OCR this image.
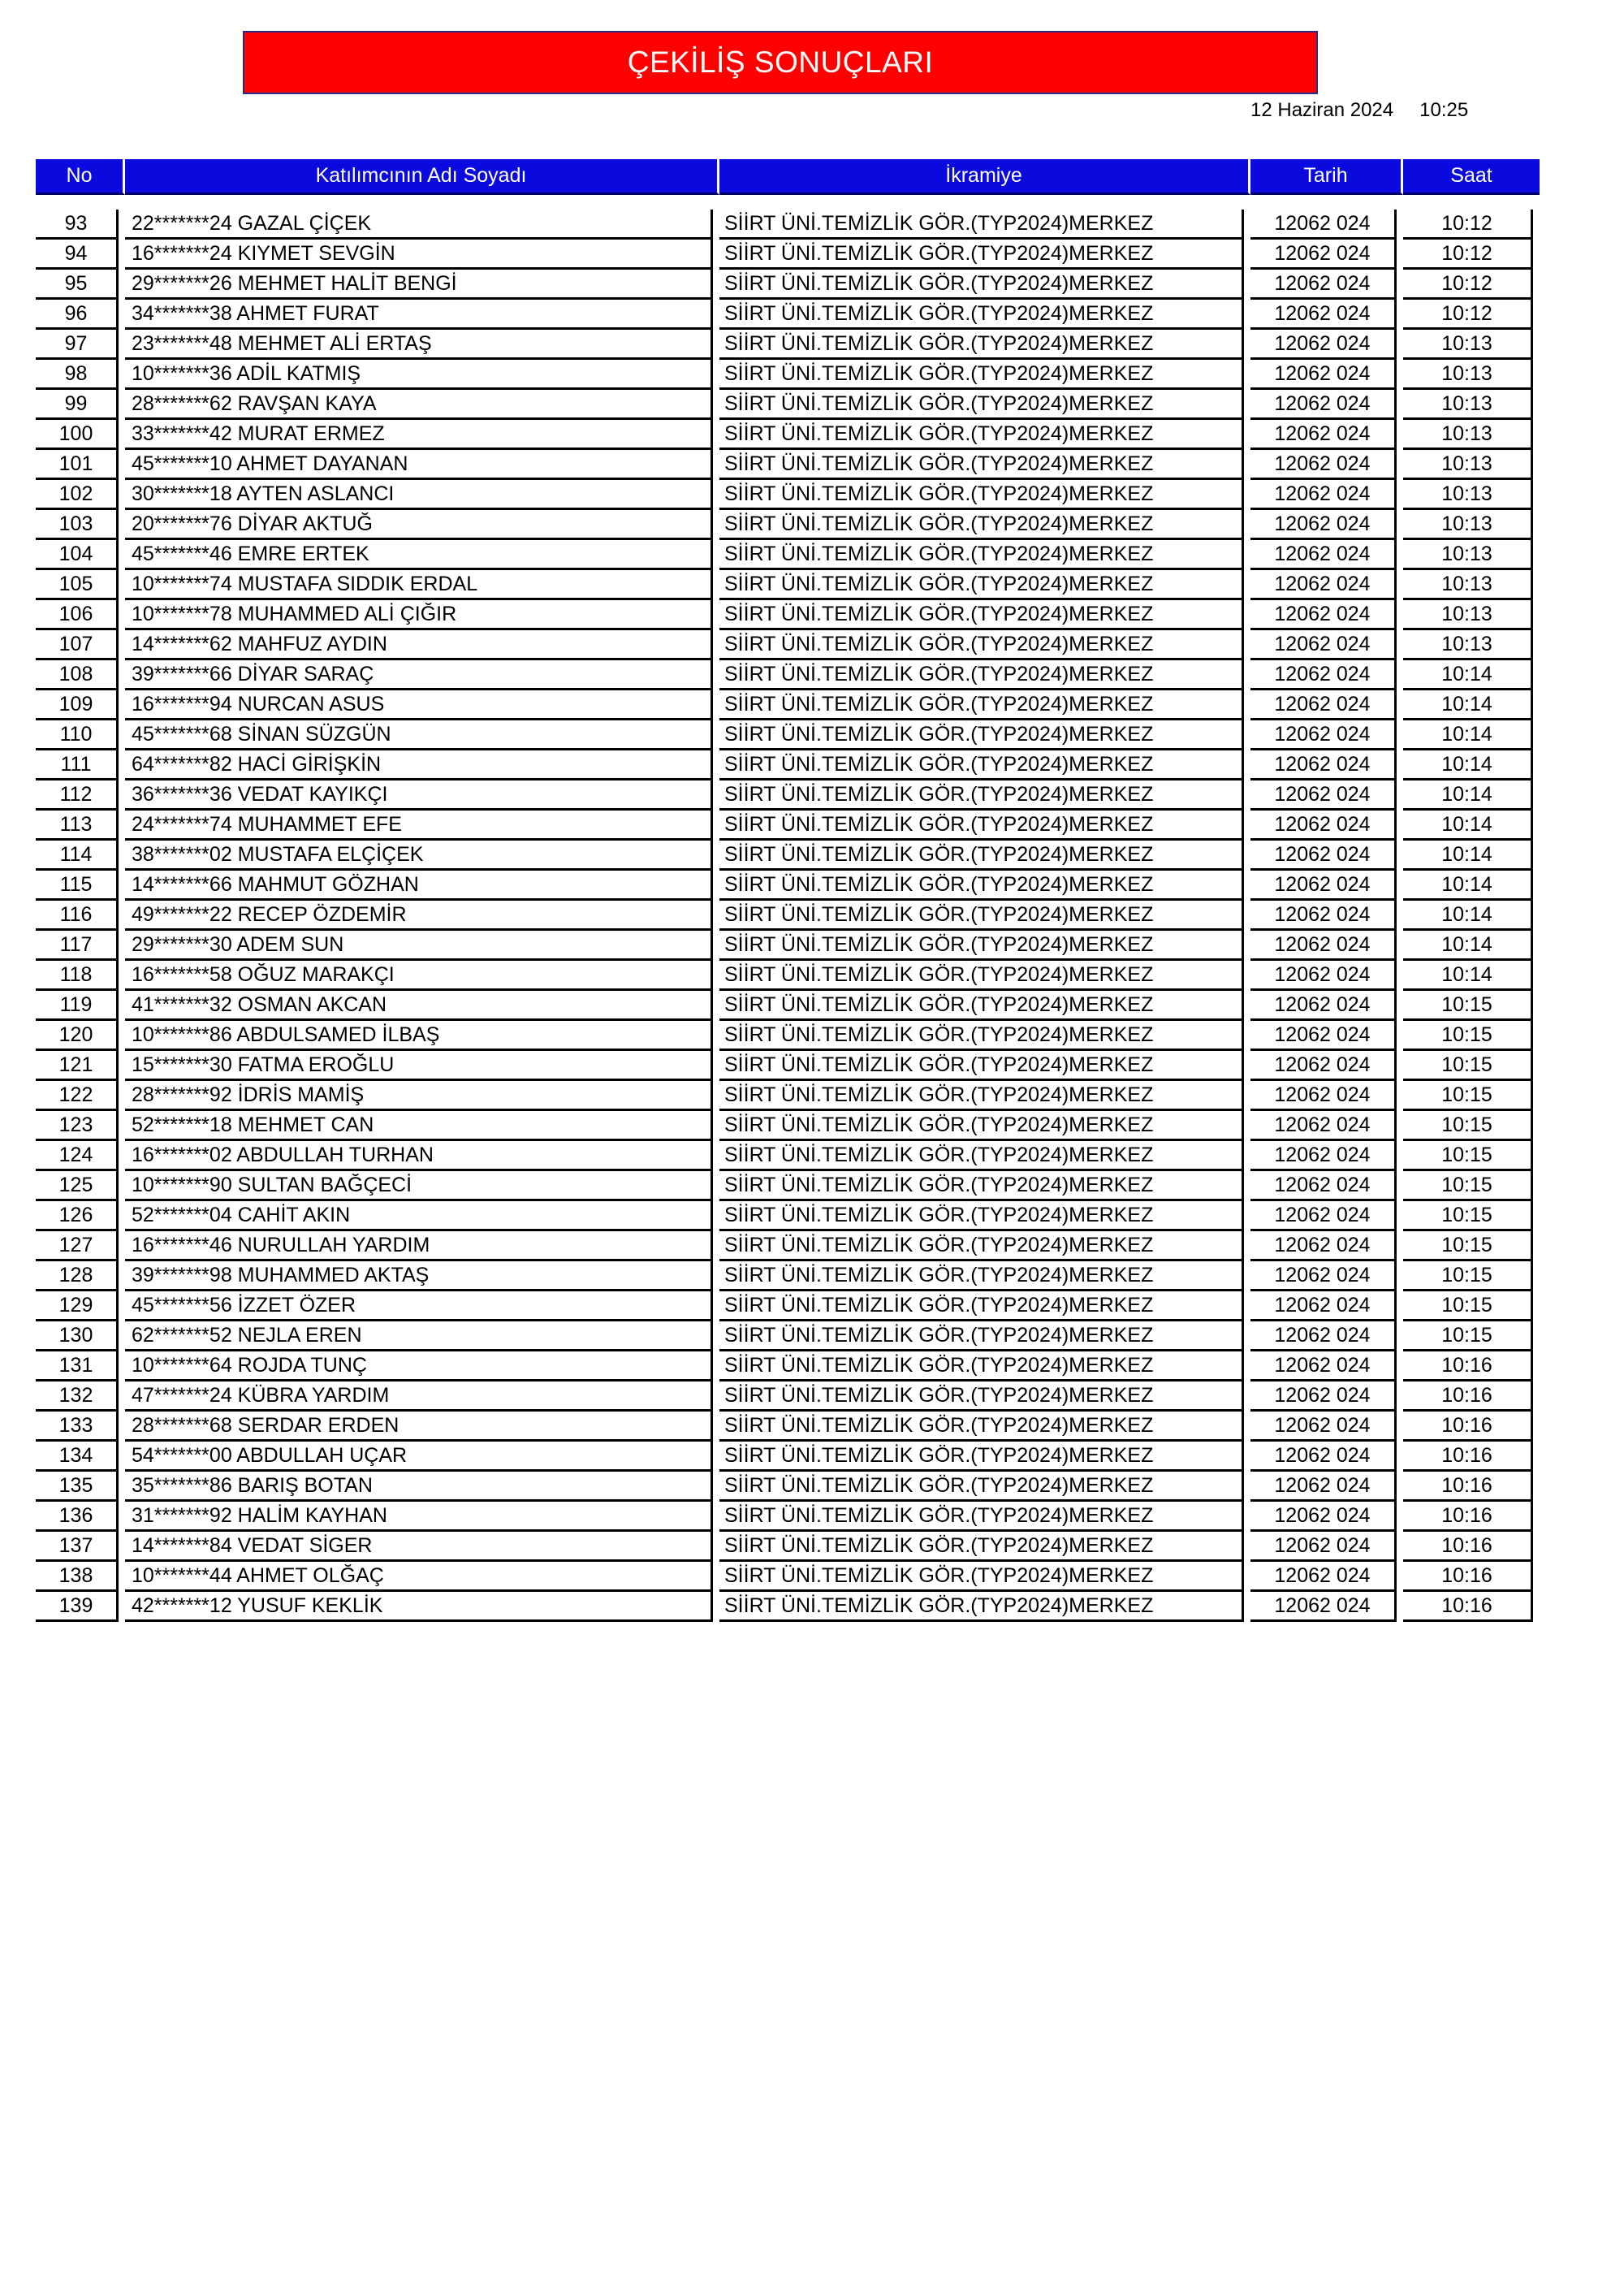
ÇEKİLİŞ SONUÇLARI
12 Haziran 2024 10:25
No	Katılımcının Adı Soyadı	İkramiye	Tarih	Saat
93	22*******24 GAZAL ÇİÇEK	SİİRT ÜNİ.TEMİZLİK GÖR.(TYP2024)MERKEZ	12062 024	10:12
94	16*******24 KIYMET SEVGİN	SİİRT ÜNİ.TEMİZLİK GÖR.(TYP2024)MERKEZ	12062 024	10:12
95	29*******26 MEHMET HALİT BENGİ	SİİRT ÜNİ.TEMİZLİK GÖR.(TYP2024)MERKEZ	12062 024	10:12
96	34*******38 AHMET FURAT	SİİRT ÜNİ.TEMİZLİK GÖR.(TYP2024)MERKEZ	12062 024	10:12
97	23*******48 MEHMET ALİ ERTAŞ	SİİRT ÜNİ.TEMİZLİK GÖR.(TYP2024)MERKEZ	12062 024	10:13
98	10*******36 ADİL KATMIŞ	SİİRT ÜNİ.TEMİZLİK GÖR.(TYP2024)MERKEZ	12062 024	10:13
99	28*******62 RAVŞAN KAYA	SİİRT ÜNİ.TEMİZLİK GÖR.(TYP2024)MERKEZ	12062 024	10:13
100	33*******42 MURAT ERMEZ	SİİRT ÜNİ.TEMİZLİK GÖR.(TYP2024)MERKEZ	12062 024	10:13
101	45*******10 AHMET DAYANAN	SİİRT ÜNİ.TEMİZLİK GÖR.(TYP2024)MERKEZ	12062 024	10:13
102	30*******18 AYTEN ASLANCI	SİİRT ÜNİ.TEMİZLİK GÖR.(TYP2024)MERKEZ	12062 024	10:13
103	20*******76 DİYAR AKTUĞ	SİİRT ÜNİ.TEMİZLİK GÖR.(TYP2024)MERKEZ	12062 024	10:13
104	45*******46 EMRE ERTEK	SİİRT ÜNİ.TEMİZLİK GÖR.(TYP2024)MERKEZ	12062 024	10:13
105	10*******74 MUSTAFA SIDDIK ERDAL	SİİRT ÜNİ.TEMİZLİK GÖR.(TYP2024)MERKEZ	12062 024	10:13
106	10*******78 MUHAMMED ALİ ÇIĞIR	SİİRT ÜNİ.TEMİZLİK GÖR.(TYP2024)MERKEZ	12062 024	10:13
107	14*******62 MAHFUZ AYDIN	SİİRT ÜNİ.TEMİZLİK GÖR.(TYP2024)MERKEZ	12062 024	10:13
108	39*******66 DİYAR SARAÇ	SİİRT ÜNİ.TEMİZLİK GÖR.(TYP2024)MERKEZ	12062 024	10:14
109	16*******94 NURCAN ASUS	SİİRT ÜNİ.TEMİZLİK GÖR.(TYP2024)MERKEZ	12062 024	10:14
110	45*******68 SİNAN SÜZGÜN	SİİRT ÜNİ.TEMİZLİK GÖR.(TYP2024)MERKEZ	12062 024	10:14
111	64*******82 HACİ GİRİŞKİN	SİİRT ÜNİ.TEMİZLİK GÖR.(TYP2024)MERKEZ	12062 024	10:14
112	36*******36 VEDAT KAYIKÇI	SİİRT ÜNİ.TEMİZLİK GÖR.(TYP2024)MERKEZ	12062 024	10:14
113	24*******74 MUHAMMET EFE	SİİRT ÜNİ.TEMİZLİK GÖR.(TYP2024)MERKEZ	12062 024	10:14
114	38*******02 MUSTAFA ELÇİÇEK	SİİRT ÜNİ.TEMİZLİK GÖR.(TYP2024)MERKEZ	12062 024	10:14
115	14*******66 MAHMUT GÖZHAN	SİİRT ÜNİ.TEMİZLİK GÖR.(TYP2024)MERKEZ	12062 024	10:14
116	49*******22 RECEP ÖZDEMİR	SİİRT ÜNİ.TEMİZLİK GÖR.(TYP2024)MERKEZ	12062 024	10:14
117	29*******30 ADEM SUN	SİİRT ÜNİ.TEMİZLİK GÖR.(TYP2024)MERKEZ	12062 024	10:14
118	16*******58 OĞUZ MARAKÇI	SİİRT ÜNİ.TEMİZLİK GÖR.(TYP2024)MERKEZ	12062 024	10:14
119	41*******32 OSMAN AKCAN	SİİRT ÜNİ.TEMİZLİK GÖR.(TYP2024)MERKEZ	12062 024	10:15
120	10*******86 ABDULSAMED İLBAŞ	SİİRT ÜNİ.TEMİZLİK GÖR.(TYP2024)MERKEZ	12062 024	10:15
121	15*******30 FATMA EROĞLU	SİİRT ÜNİ.TEMİZLİK GÖR.(TYP2024)MERKEZ	12062 024	10:15
122	28*******92 İDRİS MAMİŞ	SİİRT ÜNİ.TEMİZLİK GÖR.(TYP2024)MERKEZ	12062 024	10:15
123	52*******18 MEHMET CAN	SİİRT ÜNİ.TEMİZLİK GÖR.(TYP2024)MERKEZ	12062 024	10:15
124	16*******02 ABDULLAH TURHAN	SİİRT ÜNİ.TEMİZLİK GÖR.(TYP2024)MERKEZ	12062 024	10:15
125	10*******90 SULTAN BAĞÇECİ	SİİRT ÜNİ.TEMİZLİK GÖR.(TYP2024)MERKEZ	12062 024	10:15
126	52*******04 CAHİT AKIN	SİİRT ÜNİ.TEMİZLİK GÖR.(TYP2024)MERKEZ	12062 024	10:15
127	16*******46 NURULLAH YARDIM	SİİRT ÜNİ.TEMİZLİK GÖR.(TYP2024)MERKEZ	12062 024	10:15
128	39*******98 MUHAMMED AKTAŞ	SİİRT ÜNİ.TEMİZLİK GÖR.(TYP2024)MERKEZ	12062 024	10:15
129	45*******56 İZZET ÖZER	SİİRT ÜNİ.TEMİZLİK GÖR.(TYP2024)MERKEZ	12062 024	10:15
130	62*******52 NEJLA EREN	SİİRT ÜNİ.TEMİZLİK GÖR.(TYP2024)MERKEZ	12062 024	10:15
131	10*******64 ROJDA TUNÇ	SİİRT ÜNİ.TEMİZLİK GÖR.(TYP2024)MERKEZ	12062 024	10:16
132	47*******24 KÜBRA YARDIM	SİİRT ÜNİ.TEMİZLİK GÖR.(TYP2024)MERKEZ	12062 024	10:16
133	28*******68 SERDAR ERDEN	SİİRT ÜNİ.TEMİZLİK GÖR.(TYP2024)MERKEZ	12062 024	10:16
134	54*******00 ABDULLAH UÇAR	SİİRT ÜNİ.TEMİZLİK GÖR.(TYP2024)MERKEZ	12062 024	10:16
135	35*******86 BARIŞ BOTAN	SİİRT ÜNİ.TEMİZLİK GÖR.(TYP2024)MERKEZ	12062 024	10:16
136	31*******92 HALİM KAYHAN	SİİRT ÜNİ.TEMİZLİK GÖR.(TYP2024)MERKEZ	12062 024	10:16
137	14*******84 VEDAT SİGER	SİİRT ÜNİ.TEMİZLİK GÖR.(TYP2024)MERKEZ	12062 024	10:16
138	10*******44 AHMET OLĞAÇ	SİİRT ÜNİ.TEMİZLİK GÖR.(TYP2024)MERKEZ	12062 024	10:16
139	42*******12 YUSUF KEKLİK	SİİRT ÜNİ.TEMİZLİK GÖR.(TYP2024)MERKEZ	12062 024	10:16
